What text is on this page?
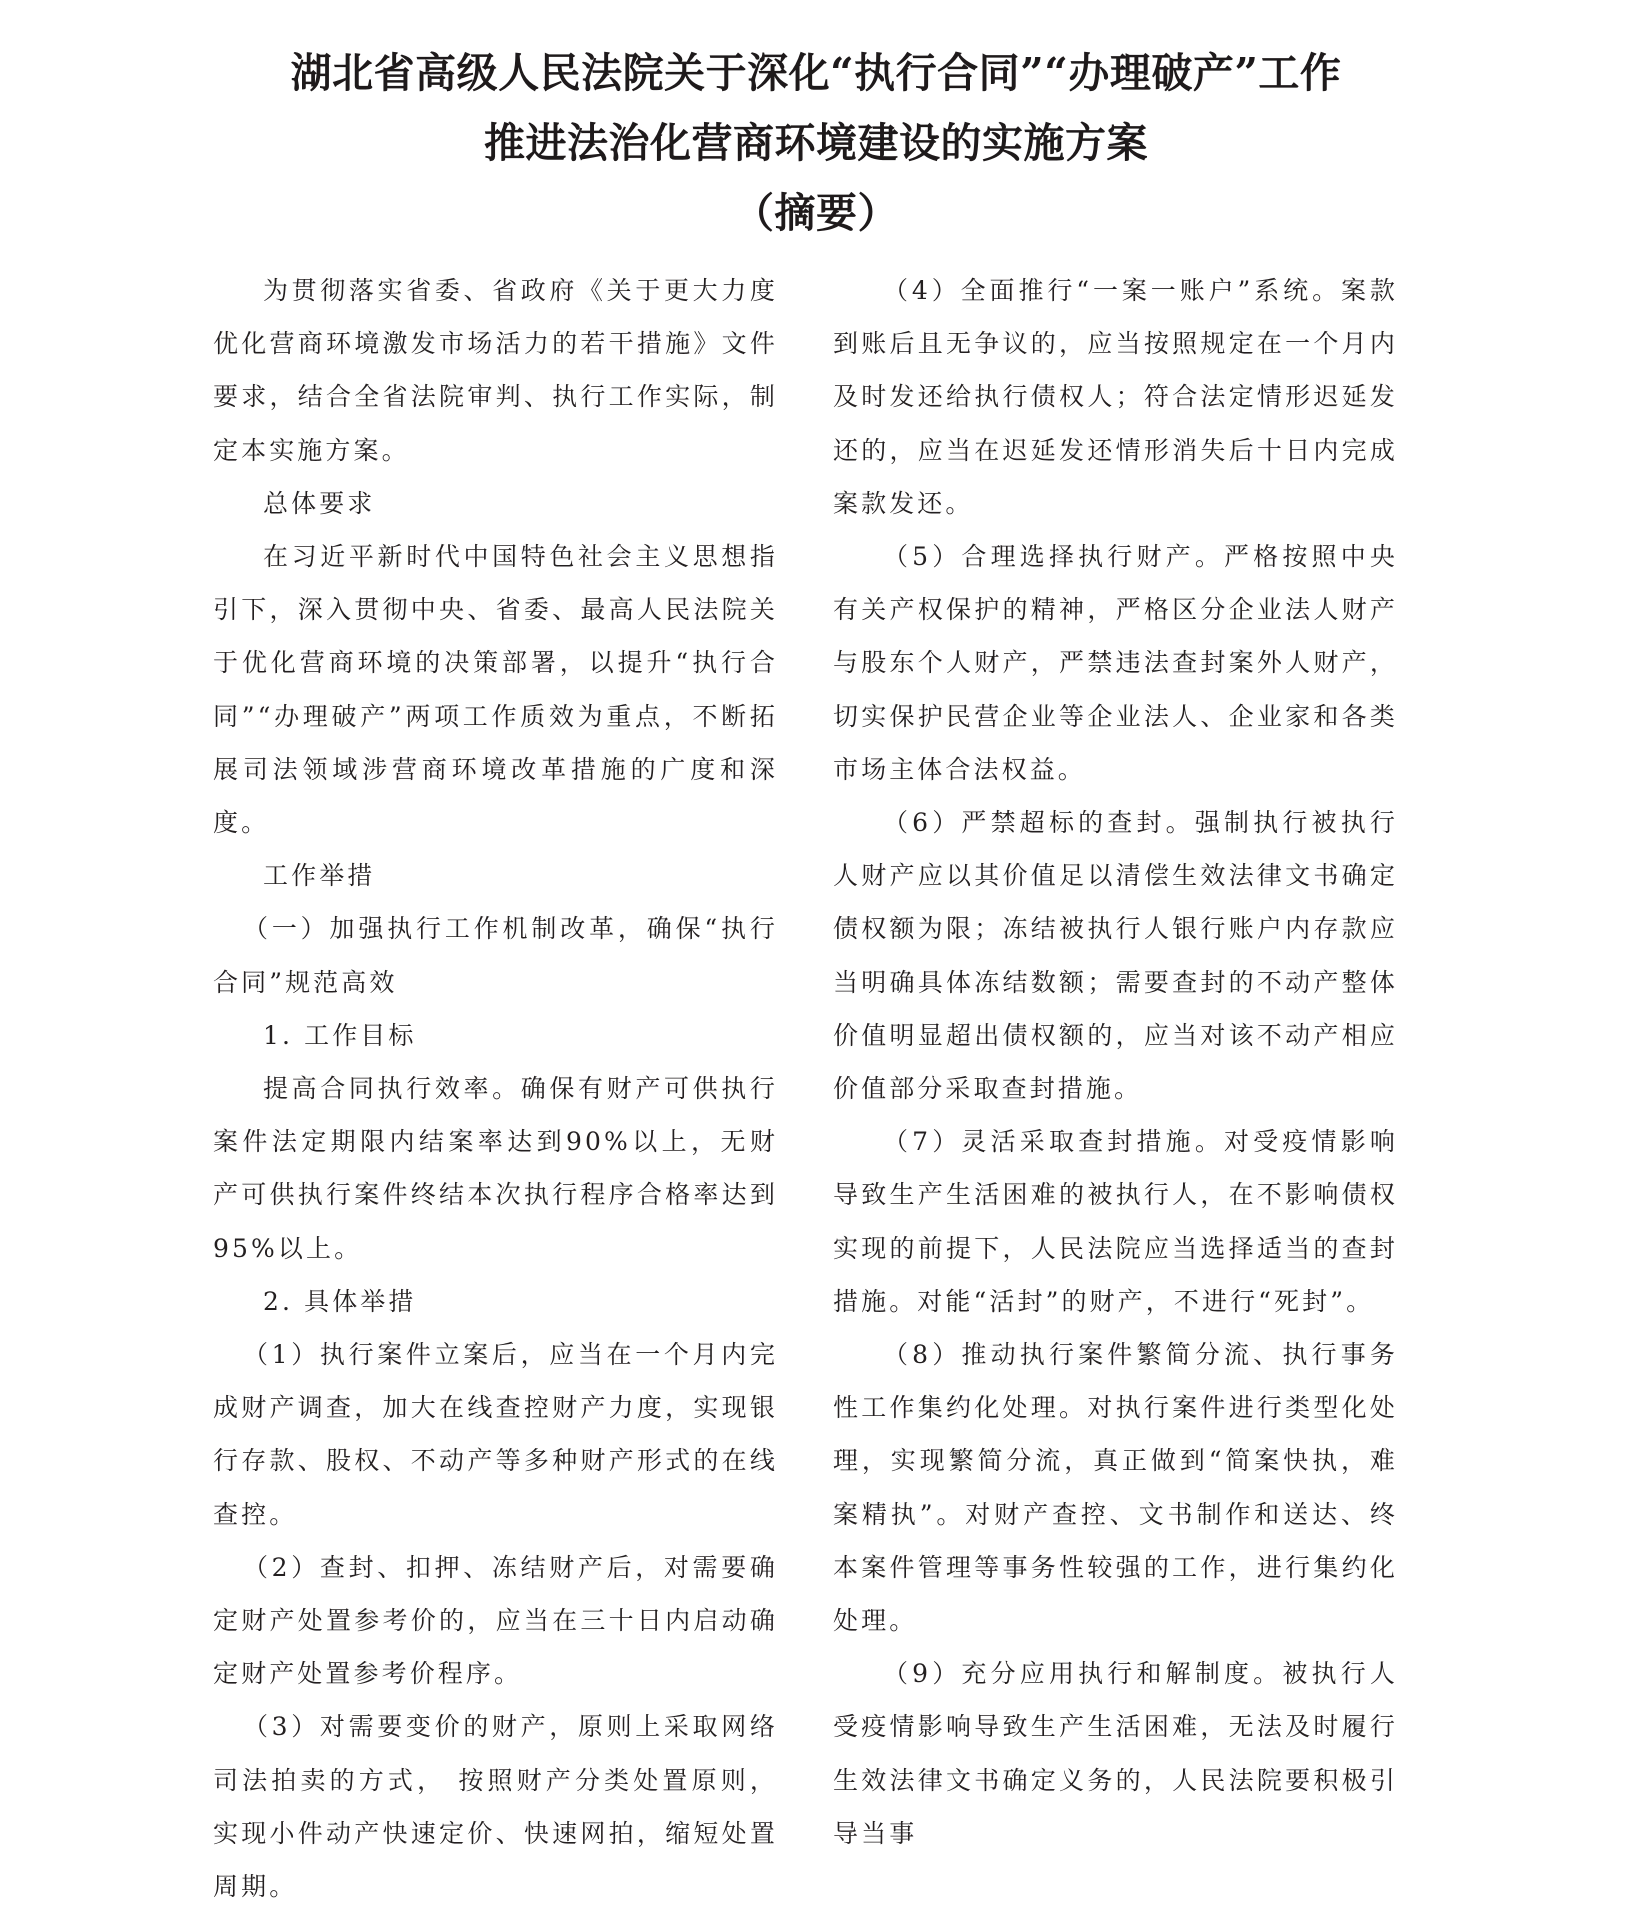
湖北省高级人民法院关于深化“执行合同”“办理破产”工作
推进法治化营商环境建设的实施方案
（摘要）

为贯彻落实省委、省政府《关于更大力度优化营商环境激发市场活力的若干措施》文件要求，结合全省法院审判、执行工作实际，制定本实施方案。

总体要求

在习近平新时代中国特色社会主义思想指引下，深入贯彻中央、省委、最高人民法院关于优化营商环境的决策部署，以提升“执行合同”“办理破产”两项工作质效为重点，不断拓展司法领域涉营商环境改革措施的广度和深度。

工作举措

（一）加强执行工作机制改革，确保“执行合同”规范高效

1. 工作目标

提高合同执行效率。确保有财产可供执行案件法定期限内结案率达到90%以上，无财产可供执行案件终结本次执行程序合格率达到95%以上。

2. 具体举措

（1）执行案件立案后，应当在一个月内完成财产调查，加大在线查控财产力度，实现银行存款、股权、不动产等多种财产形式的在线查控。

（2）查封、扣押、冻结财产后，对需要确定财产处置参考价的，应当在三十日内启动确定财产处置参考价程序。

（3）对需要变价的财产，原则上采取网络司法拍卖的方式， 按照财产分类处置原则，实现小件动产快速定价、快速网拍，缩短处置周期。

（4）全面推行“一案一账户”系统。案款到账后且无争议的，应当按照规定在一个月内及时发还给执行债权人；符合法定情形迟延发还的，应当在迟延发还情形消失后十日内完成案款发还。

（5）合理选择执行财产。严格按照中央有关产权保护的精神，严格区分企业法人财产与股东个人财产，严禁违法查封案外人财产，切实保护民营企业等企业法人、企业家和各类市场主体合法权益。

（6）严禁超标的查封。强制执行被执行人财产应以其价值足以清偿生效法律文书确定债权额为限；冻结被执行人银行账户内存款应当明确具体冻结数额；需要查封的不动产整体价值明显超出债权额的，应当对该不动产相应价值部分采取查封措施。

（7）灵活采取查封措施。对受疫情影响导致生产生活困难的被执行人，在不影响债权实现的前提下，人民法院应当选择适当的查封措施。对能“活封”的财产，不进行“死封”。

（8）推动执行案件繁简分流、执行事务性工作集约化处理。对执行案件进行类型化处理，实现繁简分流，真正做到“简案快执，难案精执”。对财产查控、文书制作和送达、终本案件管理等事务性较强的工作，进行集约化处理。

（9）充分应用执行和解制度。被执行人受疫情影响导致生产生活困难，无法及时履行生效法律文书确定义务的，人民法院要积极引导当事
